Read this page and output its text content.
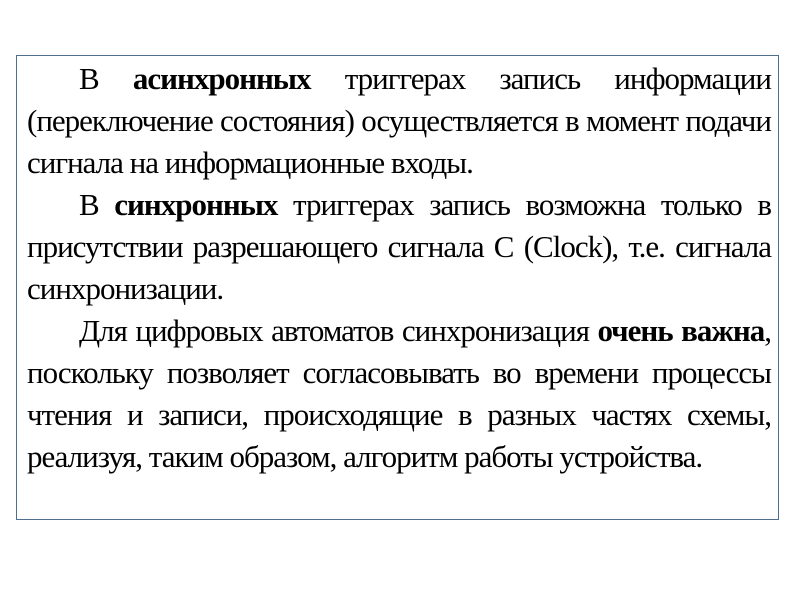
В асинхронных триггерах запись информации (переключение состояния) осуществляется в момент подачи сигнала на информационные входы.

В синхронных триггерах запись возможна только в присутствии разрешающего сигнала C (Clock), т.е. сигнала синхронизации.

Для цифровых автоматов синхронизация очень важна, поскольку позволяет согласовывать во времени процессы чтения и записи, происходящие в разных частях схемы, реализуя, таким образом, алгоритм работы устройства.
